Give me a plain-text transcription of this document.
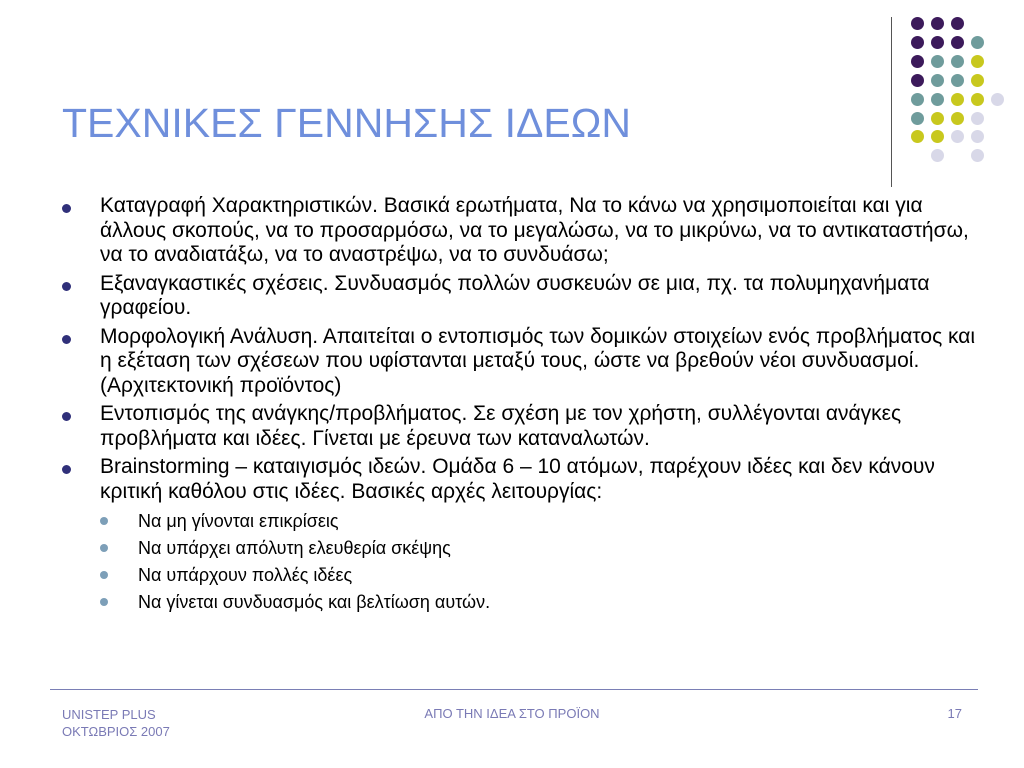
ΤΕΧΝΙΚΕΣ ΓΕΝΝΗΣΗΣ ΙΔΕΩΝ
Καταγραφή Χαρακτηριστικών. Βασικά ερωτήματα, Να το κάνω να χρησιμοποιείται και για άλλους σκοπούς, να το προσαρμόσω, να το μεγαλώσω, να το μικρύνω, να το αντικαταστήσω, να το αναδιατάξω, να το αναστρέψω, να το συνδυάσω;
Εξαναγκαστικές σχέσεις. Συνδυασμός πολλών συσκευών σε μια, πχ. τα πολυμηχανήματα γραφείου.
Μορφολογική Ανάλυση. Απαιτείται ο εντοπισμός των δομικών στοιχείων ενός προβλήματος και η εξέταση των σχέσεων που υφίστανται μεταξύ τους, ώστε να βρεθούν νέοι συνδυασμοί. (Αρχιτεκτονική προϊόντος)
Εντοπισμός της ανάγκης/προβλήματος. Σε σχέση με τον χρήστη, συλλέγονται ανάγκες προβλήματα και ιδέες. Γίνεται με έρευνα των καταναλωτών.
Brainstorming – καταιγισμός ιδεών. Ομάδα 6 – 10 ατόμων, παρέχουν ιδέες και δεν κάνουν κριτική καθόλου στις ιδέες. Βασικές αρχές λειτουργίας:
Να μη γίνονται επικρίσεις
Να υπάρχει απόλυτη ελευθερία σκέψης
Να υπάρχουν πολλές ιδέες
Να γίνεται συνδυασμός και βελτίωση αυτών.
UNISTEP PLUS
ΟΚΤΩΒΡΙΟΣ 2007
ΑΠΟ ΤΗΝ ΙΔΕΑ ΣΤΟ ΠΡΟΪΟΝ	17
